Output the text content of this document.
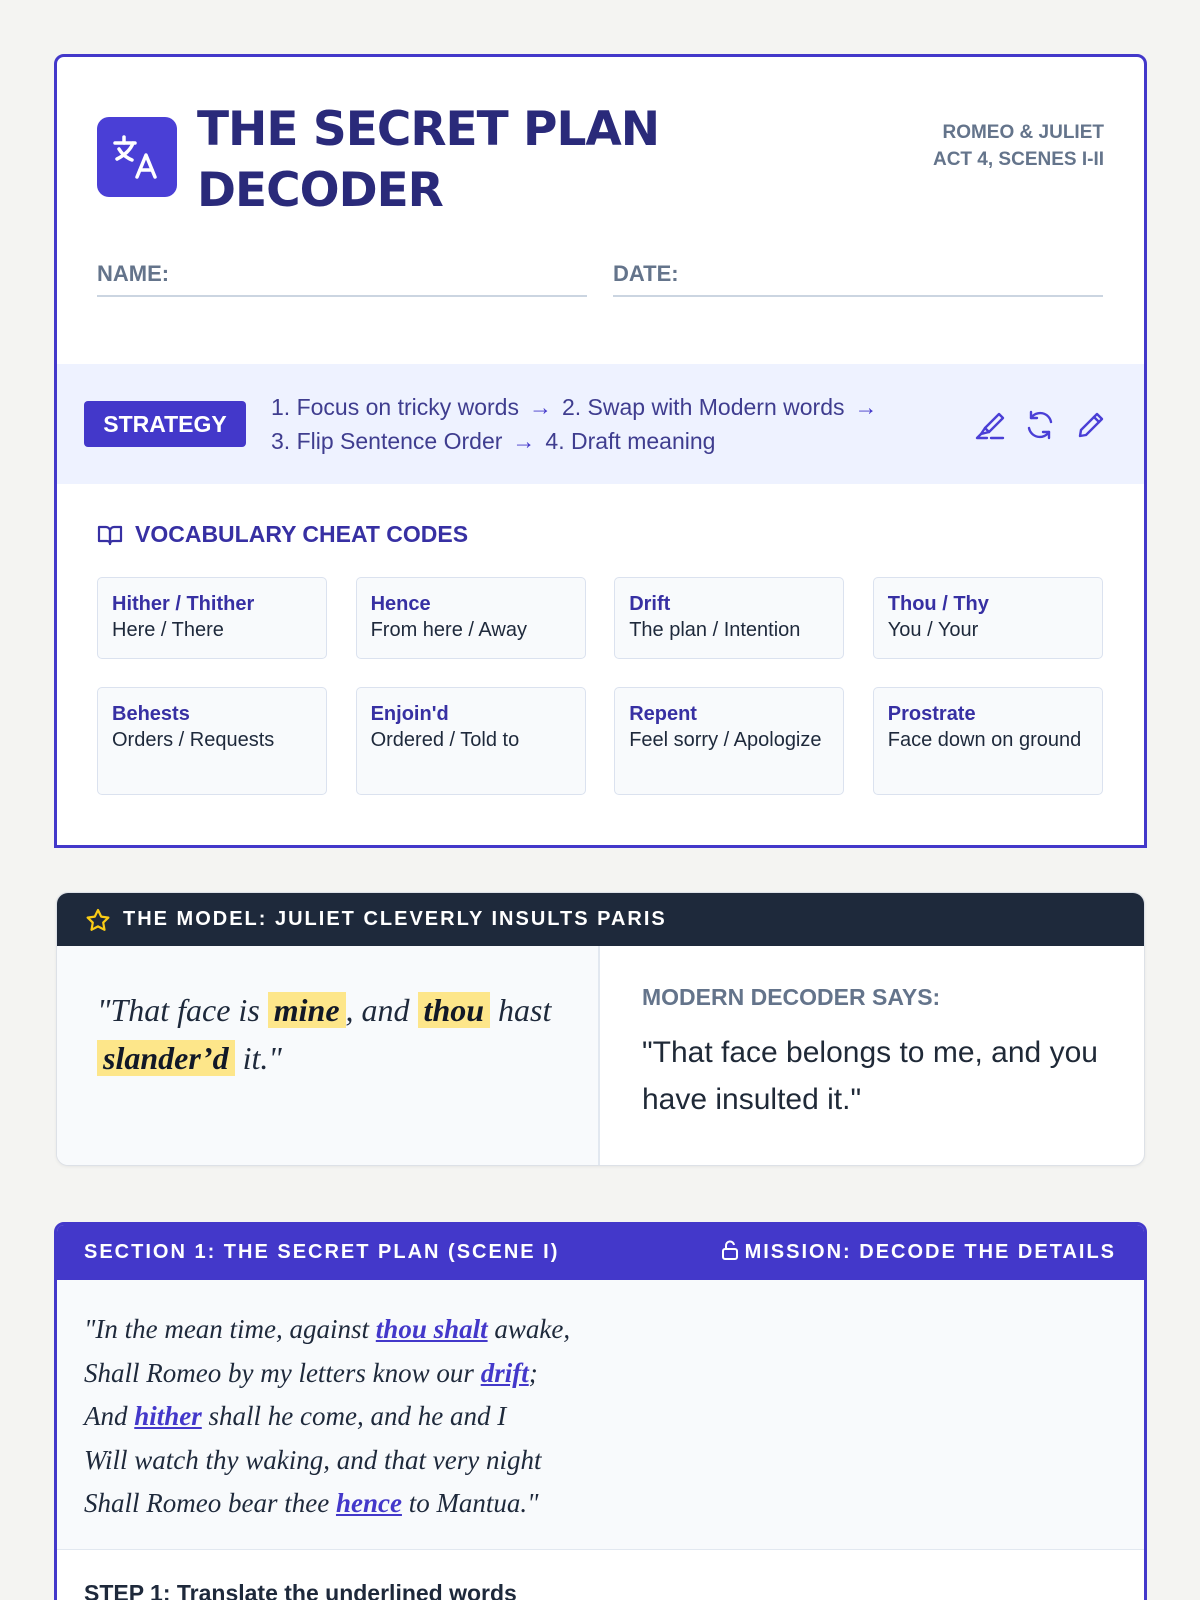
THE SECRET PLAN DECODER
ROMEO & JULIET ACT 4, SCENES I-II
NAME:	DATE:
STRATEGY
1. Focus on tricky words → 2. Swap with Modern words →
3. Flip Sentence Order → 4. Draft meaning

VOCABULARY CHEAT CODES
Hither / Thither
Here / There
Hence
From here / Away
Drift
The plan / Intention
Thou / Thy
You / Your
Behests
Orders / Requests
Enjoin'd
Ordered / Told to
Repent
Feel sorry / Apologize
Prostrate
Face down on ground
THE MODEL: JULIET CLEVERLY INSULTS PARIS
"That face is mine , and thou hast slander’d it."
MODERN DECODER SAYS:
"That face belongs to me, and you have insulted it."
SECTION 1: THE SECRET PLAN (SCENE I)	MISSION: DECODE THE DETAILS
"In the mean time, against thou shalt awake,
Shall Romeo by my letters know our drift;
And hither shall he come, and he and I
Will watch thy waking, and that very night
Shall Romeo bear thee hence to Mantua."
STEP 1: Translate the underlined words
